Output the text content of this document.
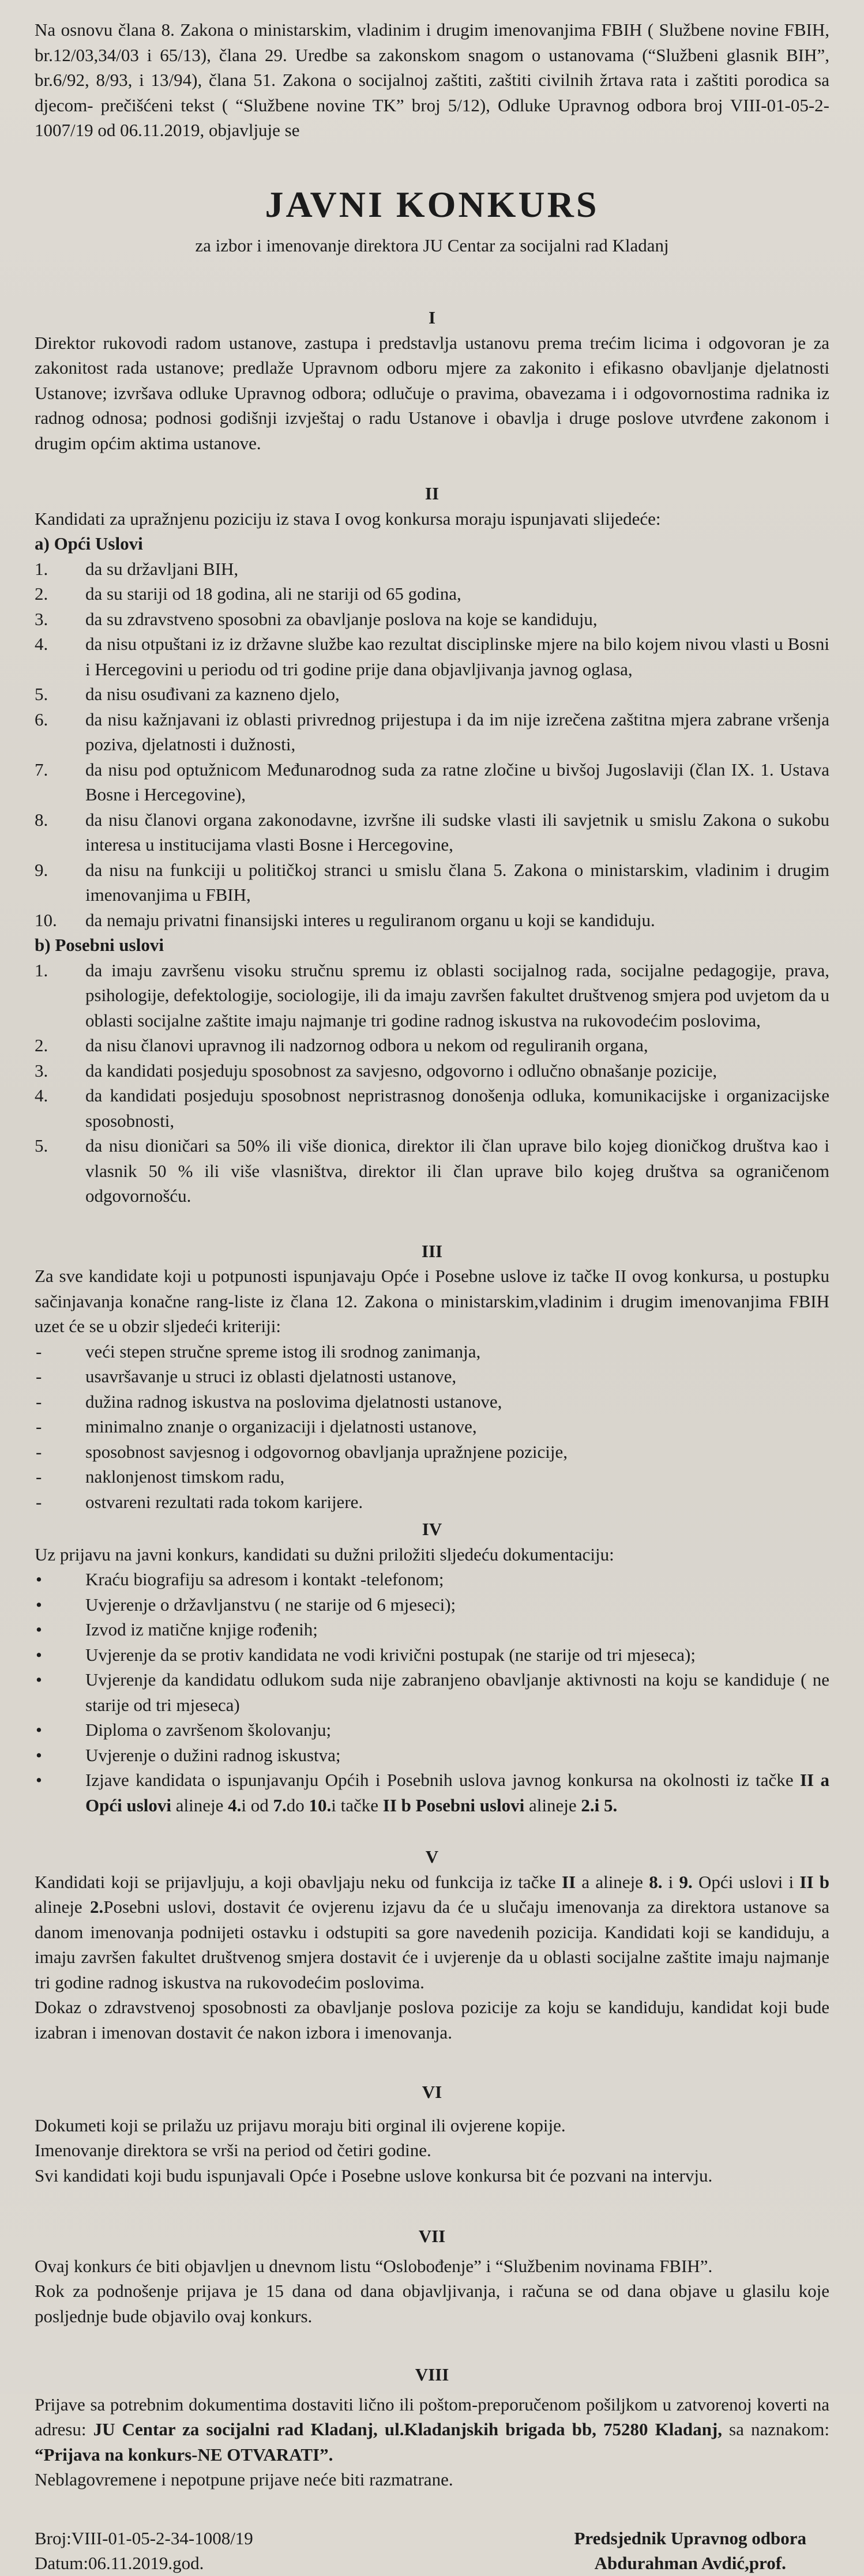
Na osnovu člana 8. Zakona o ministarskim, vladinim i drugim imenovanjima FBIH ( Službene novine FBIH, br.12/03,34/03 i 65/13), člana 29. Uredbe sa zakonskom snagom o ustanovama (“Službeni glasnik BIH”, br.6/92, 8/93, i 13/94), člana 51. Zakona o socijalnoj zaštiti, zaštiti civilnih žrtava rata i zaštiti porodica sa djecom- prečišćeni tekst ( “Službene novine TK” broj 5/12), Odluke Upravnog odbora broj VIII-01-05-2-1007/19 od 06.11.2019, objavljuje se

JAVNI KONKURS
za izbor i imenovanje direktora JU Centar za socijalni rad Kladanj
I

Direktor rukovodi radom ustanove, zastupa i predstavlja ustanovu prema trećim licima i odgovoran je za zakonitost rada ustanove; predlaže Upravnom odboru mjere za zakonito i efikasno obavljanje djelatnosti Ustanove; izvršava odluke Upravnog odbora; odlučuje o pravima, obavezama i i odgovornostima radnika iz radnog odnosa; podnosi godišnji izvještaj o radu Ustanove i obavlja i druge poslove utvrđene zakonom i drugim općim aktima ustanove.

II

Kandidati za upražnjenu poziciju iz stava I ovog konkursa moraju ispunjavati slijedeće:

a) Opći Uslovi
1. da su državljani BIH,
2. da su stariji od 18 godina, ali ne stariji od 65 godina,
3. da su zdravstveno sposobni za obavljanje poslova na koje se kandiduju,
4. da nisu otpuštani iz iz državne službe kao rezultat disciplinske mjere na bilo kojem nivou vlasti u Bosni i Hercegovini u periodu od tri godine prije dana objavljivanja javnog oglasa,
5. da nisu osuđivani za kazneno djelo,
6. da nisu kažnjavani iz oblasti privrednog prijestupa i da im nije izrečena zaštitna mjera zabrane vršenja poziva, djelatnosti i dužnosti,
7. da nisu pod optužnicom Međunarodnog suda za ratne zločine u bivšoj Jugoslaviji (član IX. 1. Ustava Bosne i Hercegovine),
8. da nisu članovi organa zakonodavne, izvršne ili sudske vlasti ili savjetnik u smislu Zakona o sukobu interesa u institucijama vlasti Bosne i Hercegovine,
9. da nisu na funkciji u političkoj stranci u smislu člana 5. Zakona o ministarskim, vladinim i drugim imenovanjima u FBIH,
10. da nemaju privatni finansijski interes u reguliranom organu u koji se kandiduju.
b) Posebni uslovi
1. da imaju završenu visoku stručnu spremu iz oblasti socijalnog rada, socijalne pedagogije, prava, psihologije, defektologije, sociologije, ili da imaju završen fakultet društvenog smjera pod uvjetom da u oblasti socijalne zaštite imaju najmanje tri godine radnog iskustva na rukovodećim poslovima,
2. da nisu članovi upravnog ili nadzornog odbora u nekom od reguliranih organa,
3. da kandidati posjeduju sposobnost za savjesno, odgovorno i odlučno obnašanje pozicije,
4. da kandidati posjeduju sposobnost nepristrasnog donošenja odluka, komunikacijske i organizacijske sposobnosti,
5. da nisu dioničari sa 50% ili više dionica, direktor ili član uprave bilo kojeg dioničkog društva kao i vlasnik 50 % ili više vlasništva, direktor ili član uprave bilo kojeg društva sa ograničenom odgovornošću.
III

Za sve kandidate koji u potpunosti ispunjavaju Opće i Posebne uslove iz tačke II ovog konkursa, u postupku sačinjavanja konačne rang-liste iz člana 12. Zakona o ministarskim,vladinim i drugim imenovanjima FBIH uzet će se u obzir sljedeći kriteriji:

- veći stepen stručne spreme istog ili srodnog zanimanja,
- usavršavanje u struci iz oblasti djelatnosti ustanove,
- dužina radnog iskustva na poslovima djelatnosti ustanove,
- minimalno znanje o organizaciji i djelatnosti ustanove,
- sposobnost savjesnog i odgovornog obavljanja upražnjene pozicije,
- naklonjenost timskom radu,
- ostvareni rezultati rada tokom karijere.
IV

Uz prijavu na javni konkurs, kandidati su dužni priložiti sljedeću dokumentaciju:

• Kraću biografiju sa adresom i kontakt -telefonom;
• Uvjerenje o državljanstvu ( ne starije od 6 mjeseci);
• Izvod iz matične knjige rođenih;
• Uvjerenje da se protiv kandidata ne vodi krivični postupak (ne starije od tri mjeseca);
• Uvjerenje da kandidatu odlukom suda nije zabranjeno obavljanje aktivnosti na koju se kandiduje ( ne starije od tri mjeseca)
• Diploma o završenom školovanju;
• Uvjerenje o dužini radnog iskustva;
• Izjave kandidata o ispunjavanju Općih i Posebnih uslova javnog konkursa na okolnosti iz tačke II a Opći uslovi alineje 4.i od 7.do 10.i tačke II b Posebni uslovi alineje 2.i 5.
V

Kandidati koji se prijavljuju, a koji obavljaju neku od funkcija iz tačke II a alineje 8. i 9. Opći uslovi i II b alineje 2.Posebni uslovi, dostavit će ovjerenu izjavu da će u slučaju imenovanja za direktora ustanove sa danom imenovanja podnijeti ostavku i odstupiti sa gore navedenih pozicija. Kandidati koji se kandiduju, a imaju završen fakultet društvenog smjera dostavit će i uvjerenje da u oblasti socijalne zaštite imaju najmanje tri godine radnog iskustva na rukovodećim poslovima.

Dokaz o zdravstvenoj sposobnosti za obavljanje poslova pozicije za koju se kandiduju, kandidat koji bude izabran i imenovan dostavit će nakon izbora i imenovanja.

VI

Dokumeti koji se prilažu uz prijavu moraju biti orginal ili ovjerene kopije.

Imenovanje direktora se vrši na period od četiri godine.

Svi kandidati koji budu ispunjavali Opće i Posebne uslove konkursa bit će pozvani na intervju.

VII

Ovaj konkurs će biti objavljen u dnevnom listu “Oslobođenje” i “Službenim novinama FBIH”.

Rok za podnošenje prijava je 15 dana od dana objavljivanja, i računa se od dana objave u glasilu koje posljednje bude objavilo ovaj konkurs.

VIII

Prijave sa potrebnim dokumentima dostaviti lično ili poštom-preporučenom pošiljkom u zatvorenoj koverti na adresu: JU Centar za socijalni rad Kladanj, ul.Kladanjskih brigada bb, 75280 Kladanj, sa naznakom: “Prijava na konkurs-NE OTVARATI”.

Neblagovremene i nepotpune prijave neće biti razmatrane.

Broj:VIII-01-05-2-34-1008/19
Datum:06.11.2019.god.
Predsjednik Upravnog odbora
Abdurahman Avdić,prof.
